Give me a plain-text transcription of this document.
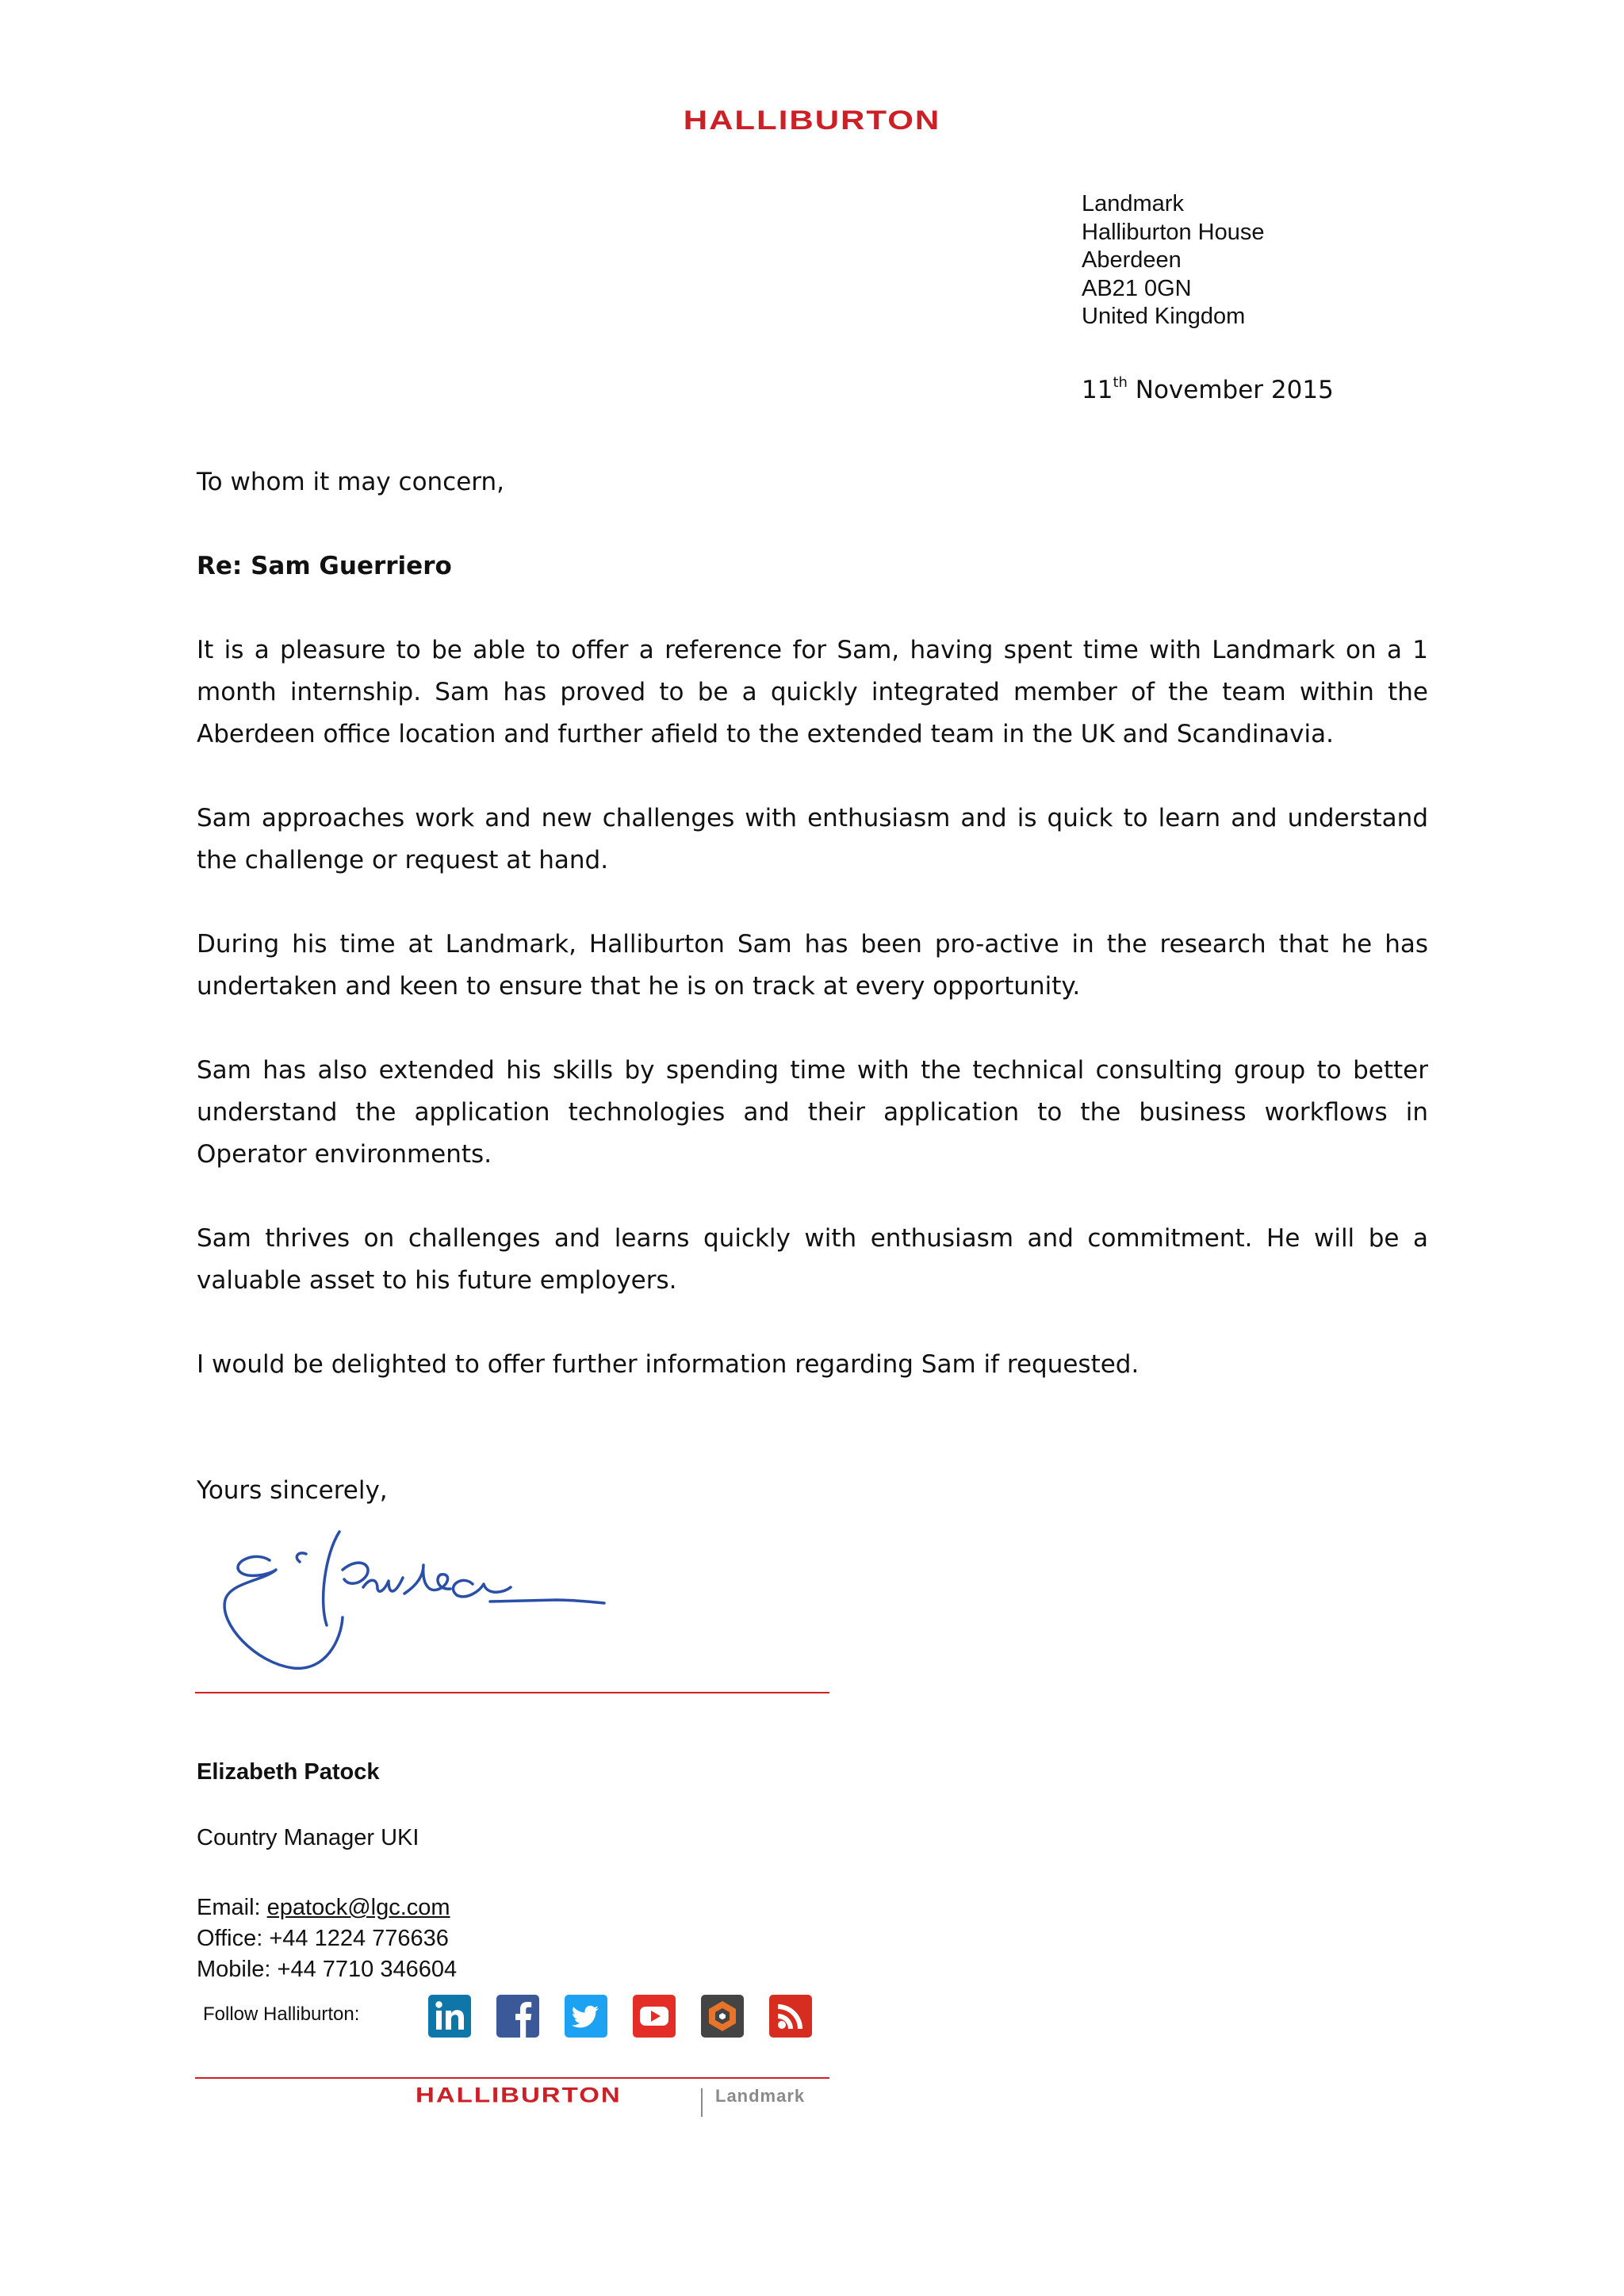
HALLIBURTON
Landmark
Halliburton House
Aberdeen
AB21 0GN
United Kingdom
11th November 2015

To whom it may concern,

Re: Sam Guerriero

It is a pleasure to be able to offer a reference for Sam, having spent time with Landmark on a 1 month internship. Sam has proved to be a quickly integrated member of the team within the Aberdeen office location and further afield to the extended team in the UK and Scandinavia.

Sam approaches work and new challenges with enthusiasm and is quick to learn and understand the challenge or request at hand.

During his time at Landmark, Halliburton Sam has been pro-active in the research that he has undertaken and keen to ensure that he is on track at every opportunity.

Sam has also extended his skills by spending time with the technical consulting group to better understand the application technologies and their application to the business workflows in Operator environments.

Sam thrives on challenges and learns quickly with enthusiasm and commitment. He will be a valuable asset to his future employers.

I would be delighted to offer further information regarding Sam if requested.

Yours sincerely,

Elizabeth Patock
Country Manager UKI
Email: epatock@lgc.com
Office: +44 1224 776636
Mobile: +44 7710 346604
Follow Halliburton:
HALLIBURTON	Landmark
